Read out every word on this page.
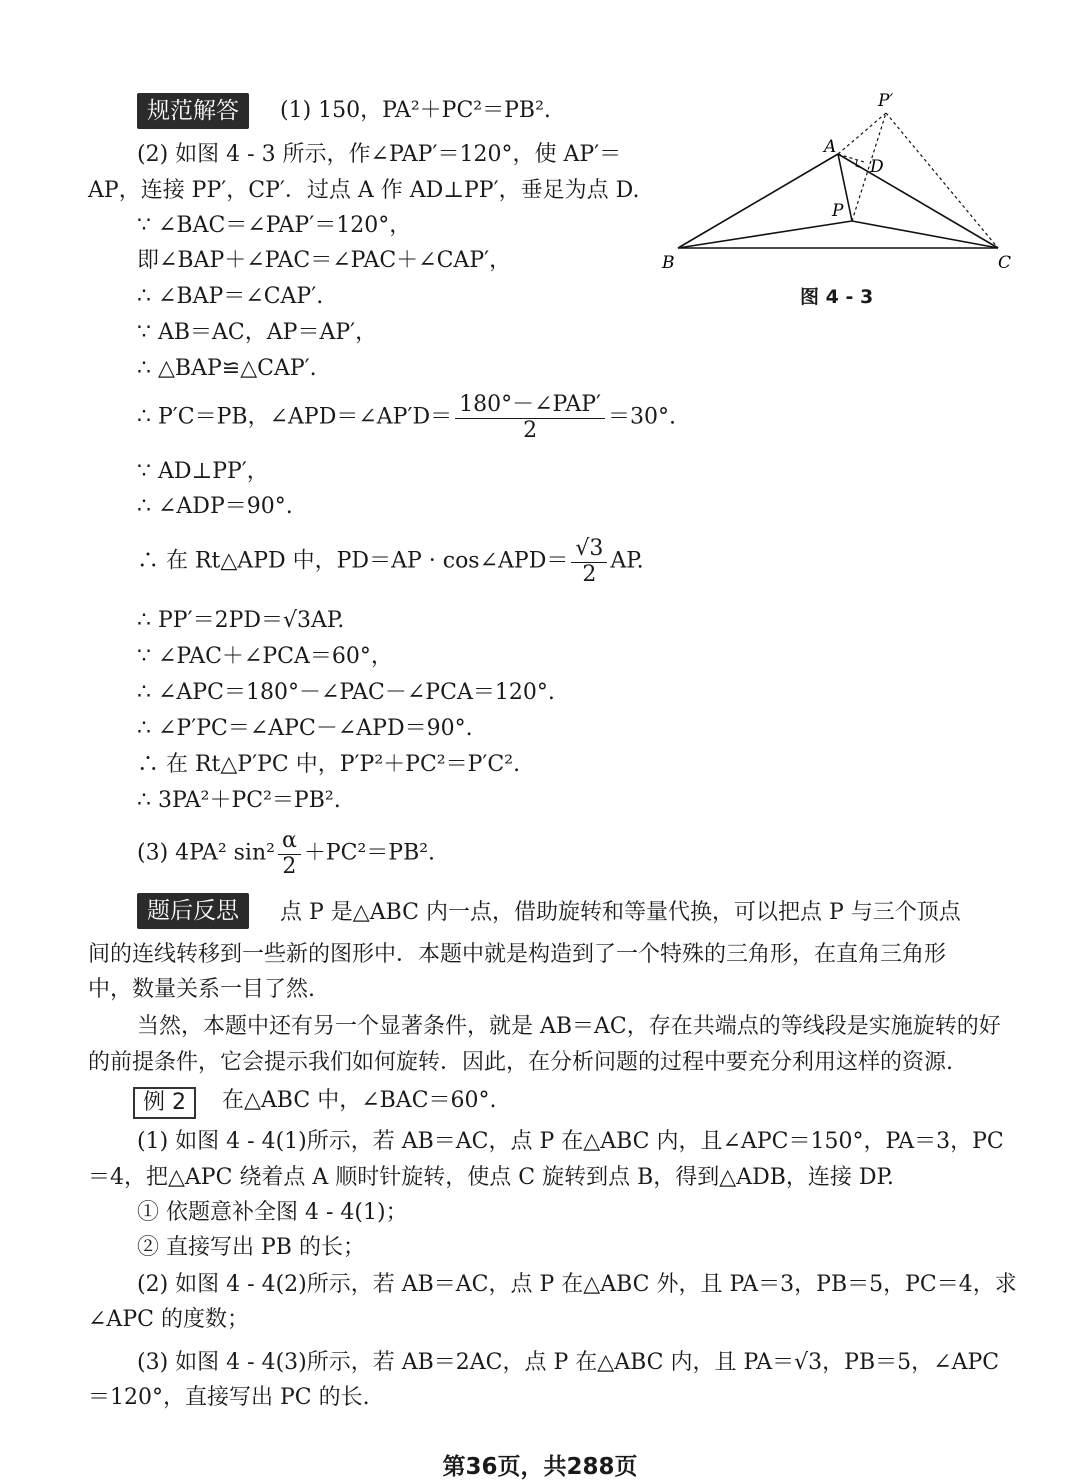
规范解答	(1) 150，PA²＋PC²＝PB².
(2) 如图 4 - 3 所示，作∠PAP′＝120°，使 AP′＝
AP，连接 PP′，CP′．过点 A 作 AD⊥PP′，垂足为点 D.
∵ ∠BAC＝∠PAP′＝120°，
即∠BAP＋∠PAC＝∠PAC＋∠CAP′，
∴ ∠BAP＝∠CAP′.
∵ AB＝AC，AP＝AP′，
∴ △BAP≌△CAP′.
∴ P′C＝PB，∠APD＝∠AP′D＝ $\frac{\text{180°－∠PAP′}}{2} =30^\circ$.
∵ AD⊥PP′，
∴ ∠ADP＝90°.
∴ 在 Rt△APD 中，PD＝AP · cos∠APD＝ $\frac{√3}{2}$ AP.
∴ PP′＝2PD＝√3AP.
∵ ∠PAC＋∠PCA＝60°，
∴ ∠APC＝180°－∠PAC－∠PCA＝120°.
∴ ∠P′PC＝∠APC－∠APD＝90°.
∴ 在 Rt△P′PC 中，P′P²＋PC²＝P′C².
∴ 3PA²＋PC²＝PB².
(3) 4PA² $\sin^2 \frac{\alpha}{2} +PC^2=PB^2$.
P′
A
D
P
B	C
图 4 - 3
题后反思	点 P 是△ABC 内一点，借助旋转和等量代换，可以把点 P 与三个顶点
间的连线转移到一些新的图形中．本题中就是构造到了一个特殊的三角形，在直角三角形
中，数量关系一目了然.
当然，本题中还有另一个显著条件，就是 AB＝AC，存在共端点的等线段是实施旋转的好
的前提条件，它会提示我们如何旋转．因此，在分析问题的过程中要充分利用这样的资源.
例 2	在△ABC 中，∠BAC＝60°.
(1) 如图 4 - 4(1)所示，若 AB＝AC，点 P 在△ABC 内，且∠APC＝150°，PA＝3，PC
＝4，把△APC 绕着点 A 顺时针旋转，使点 C 旋转到点 B，得到△ADB，连接 DP.
① 依题意补全图 4 - 4(1)；
② 直接写出 PB 的长；
(2) 如图 4 - 4(2)所示，若 AB＝AC，点 P 在△ABC 外，且 PA＝3，PB＝5，PC＝4，求
∠APC 的度数；
(3) 如图 4 - 4(3)所示，若 AB＝2AC，点 P 在△ABC 内，且 PA＝√3，PB＝5，∠APC
＝120°，直接写出 PC 的长.
第36页，共288页
